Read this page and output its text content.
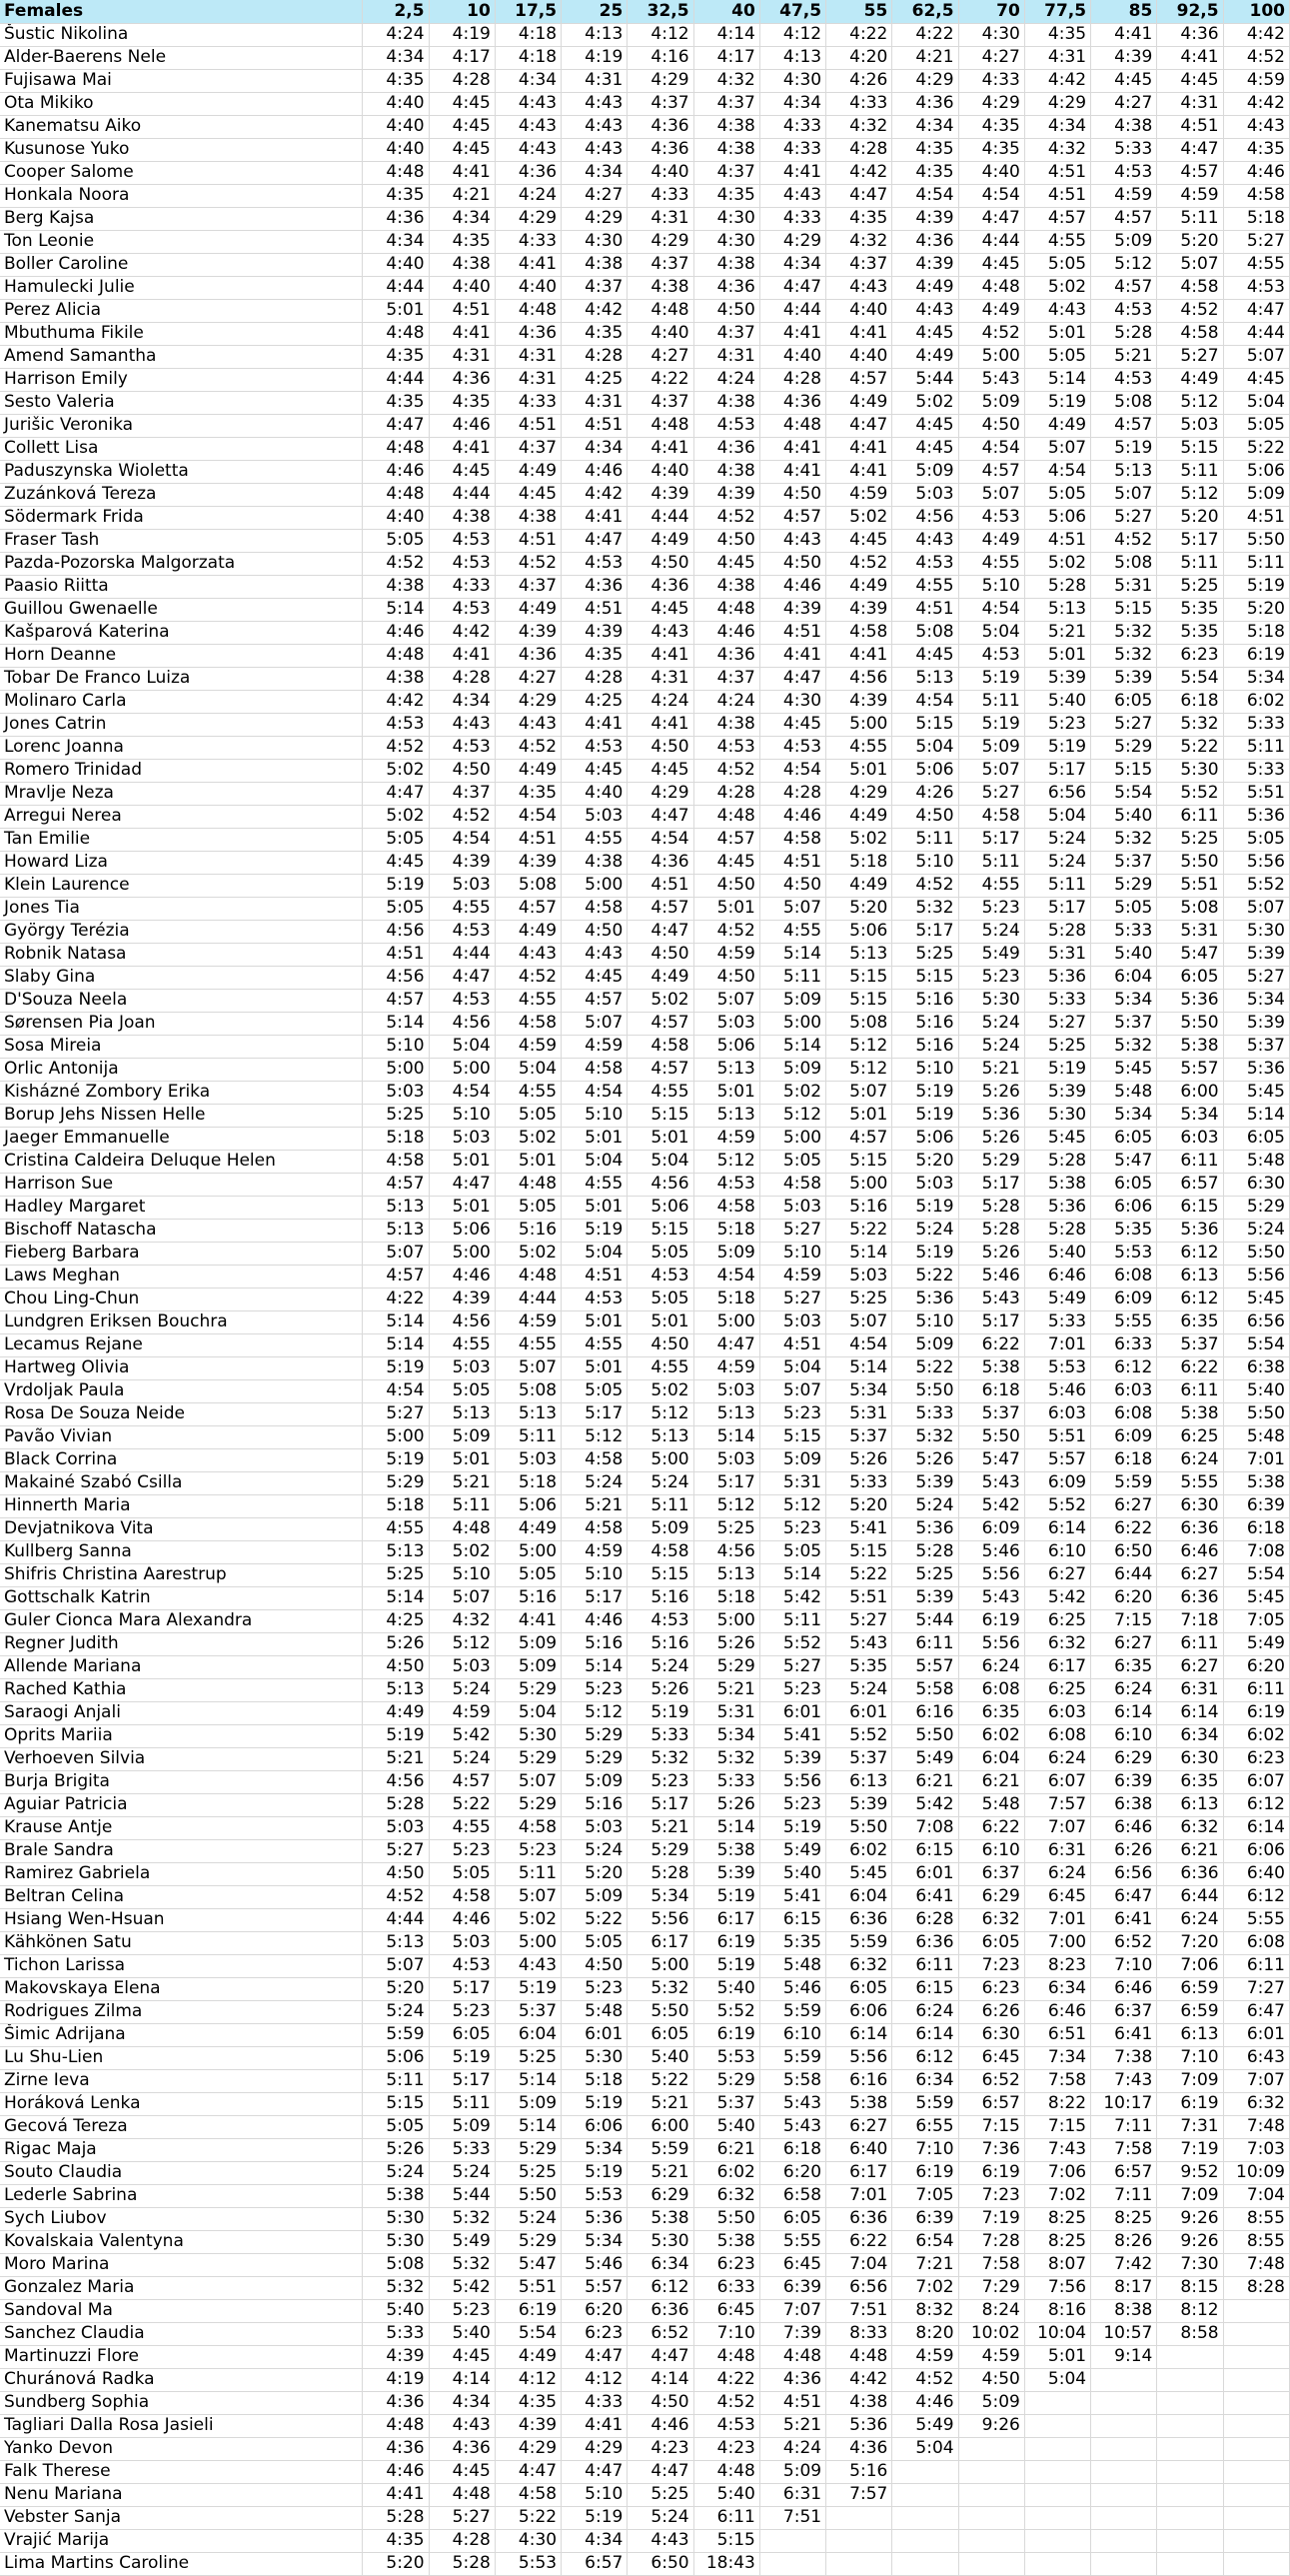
Females	2,5	10	17,5	25	32,5	40	47,5	55	62,5	70	77,5	85	92,5	100
Šustic Nikolina	4:24	4:19	4:18	4:13	4:12	4:14	4:12	4:22	4:22	4:30	4:35	4:41	4:36	4:42
Alder-Baerens Nele	4:34	4:17	4:18	4:19	4:16	4:17	4:13	4:20	4:21	4:27	4:31	4:39	4:41	4:52
Fujisawa Mai	4:35	4:28	4:34	4:31	4:29	4:32	4:30	4:26	4:29	4:33	4:42	4:45	4:45	4:59
Ota Mikiko	4:40	4:45	4:43	4:43	4:37	4:37	4:34	4:33	4:36	4:29	4:29	4:27	4:31	4:42
Kanematsu Aiko	4:40	4:45	4:43	4:43	4:36	4:38	4:33	4:32	4:34	4:35	4:34	4:38	4:51	4:43
Kusunose Yuko	4:40	4:45	4:43	4:43	4:36	4:38	4:33	4:28	4:35	4:35	4:32	5:33	4:47	4:35
Cooper Salome	4:48	4:41	4:36	4:34	4:40	4:37	4:41	4:42	4:35	4:40	4:51	4:53	4:57	4:46
Honkala Noora	4:35	4:21	4:24	4:27	4:33	4:35	4:43	4:47	4:54	4:54	4:51	4:59	4:59	4:58
Berg Kajsa	4:36	4:34	4:29	4:29	4:31	4:30	4:33	4:35	4:39	4:47	4:57	4:57	5:11	5:18
Ton Leonie	4:34	4:35	4:33	4:30	4:29	4:30	4:29	4:32	4:36	4:44	4:55	5:09	5:20	5:27
Boller Caroline	4:40	4:38	4:41	4:38	4:37	4:38	4:34	4:37	4:39	4:45	5:05	5:12	5:07	4:55
Hamulecki Julie	4:44	4:40	4:40	4:37	4:38	4:36	4:47	4:43	4:49	4:48	5:02	4:57	4:58	4:53
Perez Alicia	5:01	4:51	4:48	4:42	4:48	4:50	4:44	4:40	4:43	4:49	4:43	4:53	4:52	4:47
Mbuthuma Fikile	4:48	4:41	4:36	4:35	4:40	4:37	4:41	4:41	4:45	4:52	5:01	5:28	4:58	4:44
Amend Samantha	4:35	4:31	4:31	4:28	4:27	4:31	4:40	4:40	4:49	5:00	5:05	5:21	5:27	5:07
Harrison Emily	4:44	4:36	4:31	4:25	4:22	4:24	4:28	4:57	5:44	5:43	5:14	4:53	4:49	4:45
Sesto Valeria	4:35	4:35	4:33	4:31	4:37	4:38	4:36	4:49	5:02	5:09	5:19	5:08	5:12	5:04
Jurišic Veronika	4:47	4:46	4:51	4:51	4:48	4:53	4:48	4:47	4:45	4:50	4:49	4:57	5:03	5:05
Collett Lisa	4:48	4:41	4:37	4:34	4:41	4:36	4:41	4:41	4:45	4:54	5:07	5:19	5:15	5:22
Paduszynska Wioletta	4:46	4:45	4:49	4:46	4:40	4:38	4:41	4:41	5:09	4:57	4:54	5:13	5:11	5:06
Zuzánková Tereza	4:48	4:44	4:45	4:42	4:39	4:39	4:50	4:59	5:03	5:07	5:05	5:07	5:12	5:09
Södermark Frida	4:40	4:38	4:38	4:41	4:44	4:52	4:57	5:02	4:56	4:53	5:06	5:27	5:20	4:51
Fraser Tash	5:05	4:53	4:51	4:47	4:49	4:50	4:43	4:45	4:43	4:49	4:51	4:52	5:17	5:50
Pazda-Pozorska Malgorzata	4:52	4:53	4:52	4:53	4:50	4:45	4:50	4:52	4:53	4:55	5:02	5:08	5:11	5:11
Paasio Riitta	4:38	4:33	4:37	4:36	4:36	4:38	4:46	4:49	4:55	5:10	5:28	5:31	5:25	5:19
Guillou Gwenaelle	5:14	4:53	4:49	4:51	4:45	4:48	4:39	4:39	4:51	4:54	5:13	5:15	5:35	5:20
Kašparová Katerina	4:46	4:42	4:39	4:39	4:43	4:46	4:51	4:58	5:08	5:04	5:21	5:32	5:35	5:18
Horn Deanne	4:48	4:41	4:36	4:35	4:41	4:36	4:41	4:41	4:45	4:53	5:01	5:32	6:23	6:19
Tobar De Franco Luiza	4:38	4:28	4:27	4:28	4:31	4:37	4:47	4:56	5:13	5:19	5:39	5:39	5:54	5:34
Molinaro Carla	4:42	4:34	4:29	4:25	4:24	4:24	4:30	4:39	4:54	5:11	5:40	6:05	6:18	6:02
Jones Catrin	4:53	4:43	4:43	4:41	4:41	4:38	4:45	5:00	5:15	5:19	5:23	5:27	5:32	5:33
Lorenc Joanna	4:52	4:53	4:52	4:53	4:50	4:53	4:53	4:55	5:04	5:09	5:19	5:29	5:22	5:11
Romero Trinidad	5:02	4:50	4:49	4:45	4:45	4:52	4:54	5:01	5:06	5:07	5:17	5:15	5:30	5:33
Mravlje Neza	4:47	4:37	4:35	4:40	4:29	4:28	4:28	4:29	4:26	5:27	6:56	5:54	5:52	5:51
Arregui Nerea	5:02	4:52	4:54	5:03	4:47	4:48	4:46	4:49	4:50	4:58	5:04	5:40	6:11	5:36
Tan Emilie	5:05	4:54	4:51	4:55	4:54	4:57	4:58	5:02	5:11	5:17	5:24	5:32	5:25	5:05
Howard Liza	4:45	4:39	4:39	4:38	4:36	4:45	4:51	5:18	5:10	5:11	5:24	5:37	5:50	5:56
Klein Laurence	5:19	5:03	5:08	5:00	4:51	4:50	4:50	4:49	4:52	4:55	5:11	5:29	5:51	5:52
Jones Tia	5:05	4:55	4:57	4:58	4:57	5:01	5:07	5:20	5:32	5:23	5:17	5:05	5:08	5:07
György Terézia	4:56	4:53	4:49	4:50	4:47	4:52	4:55	5:06	5:17	5:24	5:28	5:33	5:31	5:30
Robnik Natasa	4:51	4:44	4:43	4:43	4:50	4:59	5:14	5:13	5:25	5:49	5:31	5:40	5:47	5:39
Slaby Gina	4:56	4:47	4:52	4:45	4:49	4:50	5:11	5:15	5:15	5:23	5:36	6:04	6:05	5:27
D'Souza Neela	4:57	4:53	4:55	4:57	5:02	5:07	5:09	5:15	5:16	5:30	5:33	5:34	5:36	5:34
Sørensen Pia Joan	5:14	4:56	4:58	5:07	4:57	5:03	5:00	5:08	5:16	5:24	5:27	5:37	5:50	5:39
Sosa Mireia	5:10	5:04	4:59	4:59	4:58	5:06	5:14	5:12	5:16	5:24	5:25	5:32	5:38	5:37
Orlic Antonija	5:00	5:00	5:04	4:58	4:57	5:13	5:09	5:12	5:10	5:21	5:19	5:45	5:57	5:36
Kisházné Zombory Erika	5:03	4:54	4:55	4:54	4:55	5:01	5:02	5:07	5:19	5:26	5:39	5:48	6:00	5:45
Borup Jehs Nissen Helle	5:25	5:10	5:05	5:10	5:15	5:13	5:12	5:01	5:19	5:36	5:30	5:34	5:34	5:14
Jaeger Emmanuelle	5:18	5:03	5:02	5:01	5:01	4:59	5:00	4:57	5:06	5:26	5:45	6:05	6:03	6:05
Cristina Caldeira Deluque Helen	4:58	5:01	5:01	5:04	5:04	5:12	5:05	5:15	5:20	5:29	5:28	5:47	6:11	5:48
Harrison Sue	4:57	4:47	4:48	4:55	4:56	4:53	4:58	5:00	5:03	5:17	5:38	6:05	6:57	6:30
Hadley Margaret	5:13	5:01	5:05	5:01	5:06	4:58	5:03	5:16	5:19	5:28	5:36	6:06	6:15	5:29
Bischoff Natascha	5:13	5:06	5:16	5:19	5:15	5:18	5:27	5:22	5:24	5:28	5:28	5:35	5:36	5:24
Fieberg Barbara	5:07	5:00	5:02	5:04	5:05	5:09	5:10	5:14	5:19	5:26	5:40	5:53	6:12	5:50
Laws Meghan	4:57	4:46	4:48	4:51	4:53	4:54	4:59	5:03	5:22	5:46	6:46	6:08	6:13	5:56
Chou Ling-Chun	4:22	4:39	4:44	4:53	5:05	5:18	5:27	5:25	5:36	5:43	5:49	6:09	6:12	5:45
Lundgren Eriksen Bouchra	5:14	4:56	4:59	5:01	5:01	5:00	5:03	5:07	5:10	5:17	5:33	5:55	6:35	6:56
Lecamus Rejane	5:14	4:55	4:55	4:55	4:50	4:47	4:51	4:54	5:09	6:22	7:01	6:33	5:37	5:54
Hartweg Olivia	5:19	5:03	5:07	5:01	4:55	4:59	5:04	5:14	5:22	5:38	5:53	6:12	6:22	6:38
Vrdoljak Paula	4:54	5:05	5:08	5:05	5:02	5:03	5:07	5:34	5:50	6:18	5:46	6:03	6:11	5:40
Rosa De Souza Neide	5:27	5:13	5:13	5:17	5:12	5:13	5:23	5:31	5:33	5:37	6:03	6:08	5:38	5:50
Pavão Vivian	5:00	5:09	5:11	5:12	5:13	5:14	5:15	5:37	5:32	5:50	5:51	6:09	6:25	5:48
Black Corrina	5:19	5:01	5:03	4:58	5:00	5:03	5:09	5:26	5:26	5:47	5:57	6:18	6:24	7:01
Makainé Szabó Csilla	5:29	5:21	5:18	5:24	5:24	5:17	5:31	5:33	5:39	5:43	6:09	5:59	5:55	5:38
Hinnerth Maria	5:18	5:11	5:06	5:21	5:11	5:12	5:12	5:20	5:24	5:42	5:52	6:27	6:30	6:39
Devjatnikova Vita	4:55	4:48	4:49	4:58	5:09	5:25	5:23	5:41	5:36	6:09	6:14	6:22	6:36	6:18
Kullberg Sanna	5:13	5:02	5:00	4:59	4:58	4:56	5:05	5:15	5:28	5:46	6:10	6:50	6:46	7:08
Shifris Christina Aarestrup	5:25	5:10	5:05	5:10	5:15	5:13	5:14	5:22	5:25	5:56	6:27	6:44	6:27	5:54
Gottschalk Katrin	5:14	5:07	5:16	5:17	5:16	5:18	5:42	5:51	5:39	5:43	5:42	6:20	6:36	5:45
Guler Cionca Mara Alexandra	4:25	4:32	4:41	4:46	4:53	5:00	5:11	5:27	5:44	6:19	6:25	7:15	7:18	7:05
Regner Judith	5:26	5:12	5:09	5:16	5:16	5:26	5:52	5:43	6:11	5:56	6:32	6:27	6:11	5:49
Allende Mariana	4:50	5:03	5:09	5:14	5:24	5:29	5:27	5:35	5:57	6:24	6:17	6:35	6:27	6:20
Rached Kathia	5:13	5:24	5:29	5:23	5:26	5:21	5:23	5:24	5:58	6:08	6:25	6:24	6:31	6:11
Saraogi Anjali	4:49	4:59	5:04	5:12	5:19	5:31	6:01	6:01	6:16	6:35	6:03	6:14	6:14	6:19
Oprits Mariia	5:19	5:42	5:30	5:29	5:33	5:34	5:41	5:52	5:50	6:02	6:08	6:10	6:34	6:02
Verhoeven Silvia	5:21	5:24	5:29	5:29	5:32	5:32	5:39	5:37	5:49	6:04	6:24	6:29	6:30	6:23
Burja Brigita	4:56	4:57	5:07	5:09	5:23	5:33	5:56	6:13	6:21	6:21	6:07	6:39	6:35	6:07
Aguiar Patricia	5:28	5:22	5:29	5:16	5:17	5:26	5:23	5:39	5:42	5:48	7:57	6:38	6:13	6:12
Krause Antje	5:03	4:55	4:58	5:03	5:21	5:14	5:19	5:50	7:08	6:22	7:07	6:46	6:32	6:14
Brale Sandra	5:27	5:23	5:23	5:24	5:29	5:38	5:49	6:02	6:15	6:10	6:31	6:26	6:21	6:06
Ramirez Gabriela	4:50	5:05	5:11	5:20	5:28	5:39	5:40	5:45	6:01	6:37	6:24	6:56	6:36	6:40
Beltran Celina	4:52	4:58	5:07	5:09	5:34	5:19	5:41	6:04	6:41	6:29	6:45	6:47	6:44	6:12
Hsiang Wen-Hsuan	4:44	4:46	5:02	5:22	5:56	6:17	6:15	6:36	6:28	6:32	7:01	6:41	6:24	5:55
Kähkönen Satu	5:13	5:03	5:00	5:05	6:17	6:19	5:35	5:59	6:36	6:05	7:00	6:52	7:20	6:08
Tichon Larissa	5:07	4:53	4:43	4:50	5:00	5:19	5:48	6:32	6:11	7:23	8:23	7:10	7:06	6:11
Makovskaya Elena	5:20	5:17	5:19	5:23	5:32	5:40	5:46	6:05	6:15	6:23	6:34	6:46	6:59	7:27
Rodrigues Zilma	5:24	5:23	5:37	5:48	5:50	5:52	5:59	6:06	6:24	6:26	6:46	6:37	6:59	6:47
Šimic Adrijana	5:59	6:05	6:04	6:01	6:05	6:19	6:10	6:14	6:14	6:30	6:51	6:41	6:13	6:01
Lu Shu-Lien	5:06	5:19	5:25	5:30	5:40	5:53	5:59	5:56	6:12	6:45	7:34	7:38	7:10	6:43
Zirne Ieva	5:11	5:17	5:14	5:18	5:22	5:29	5:58	6:16	6:34	6:52	7:58	7:43	7:09	7:07
Horáková Lenka	5:15	5:11	5:09	5:19	5:21	5:37	5:43	5:38	5:59	6:57	8:22	10:17	6:19	6:32
Gecová Tereza	5:05	5:09	5:14	6:06	6:00	5:40	5:43	6:27	6:55	7:15	7:15	7:11	7:31	7:48
Rigac Maja	5:26	5:33	5:29	5:34	5:59	6:21	6:18	6:40	7:10	7:36	7:43	7:58	7:19	7:03
Souto Claudia	5:24	5:24	5:25	5:19	5:21	6:02	6:20	6:17	6:19	6:19	7:06	6:57	9:52	10:09
Lederle Sabrina	5:38	5:44	5:50	5:53	6:29	6:32	6:58	7:01	7:05	7:23	7:02	7:11	7:09	7:04
Sych Liubov	5:30	5:32	5:24	5:36	5:38	5:50	6:05	6:36	6:39	7:19	8:25	8:25	9:26	8:55
Kovalskaia Valentyna	5:30	5:49	5:29	5:34	5:30	5:38	5:55	6:22	6:54	7:28	8:25	8:26	9:26	8:55
Moro Marina	5:08	5:32	5:47	5:46	6:34	6:23	6:45	7:04	7:21	7:58	8:07	7:42	7:30	7:48
Gonzalez Maria	5:32	5:42	5:51	5:57	6:12	6:33	6:39	6:56	7:02	7:29	7:56	8:17	8:15	8:28
Sandoval Ma	5:40	5:23	6:19	6:20	6:36	6:45	7:07	7:51	8:32	8:24	8:16	8:38	8:12	
Sanchez Claudia	5:33	5:40	5:54	6:23	6:52	7:10	7:39	8:33	8:20	10:02	10:04	10:57	8:58	
Martinuzzi Flore	4:39	4:45	4:49	4:47	4:47	4:48	4:48	4:48	4:59	4:59	5:01	9:14		
Churánová Radka	4:19	4:14	4:12	4:12	4:14	4:22	4:36	4:42	4:52	4:50	5:04			
Sundberg Sophia	4:36	4:34	4:35	4:33	4:50	4:52	4:51	4:38	4:46	5:09				
Tagliari Dalla Rosa Jasieli	4:48	4:43	4:39	4:41	4:46	4:53	5:21	5:36	5:49	9:26				
Yanko Devon	4:36	4:36	4:29	4:29	4:23	4:23	4:24	4:36	5:04					
Falk Therese	4:46	4:45	4:47	4:47	4:47	4:48	5:09	5:16						
Nenu Mariana	4:41	4:48	4:58	5:10	5:25	5:40	6:31	7:57						
Vebster Sanja	5:28	5:27	5:22	5:19	5:24	6:11	7:51							
Vrajić Marija	4:35	4:28	4:30	4:34	4:43	5:15								
Lima Martins Caroline	5:20	5:28	5:53	6:57	6:50	18:43								
